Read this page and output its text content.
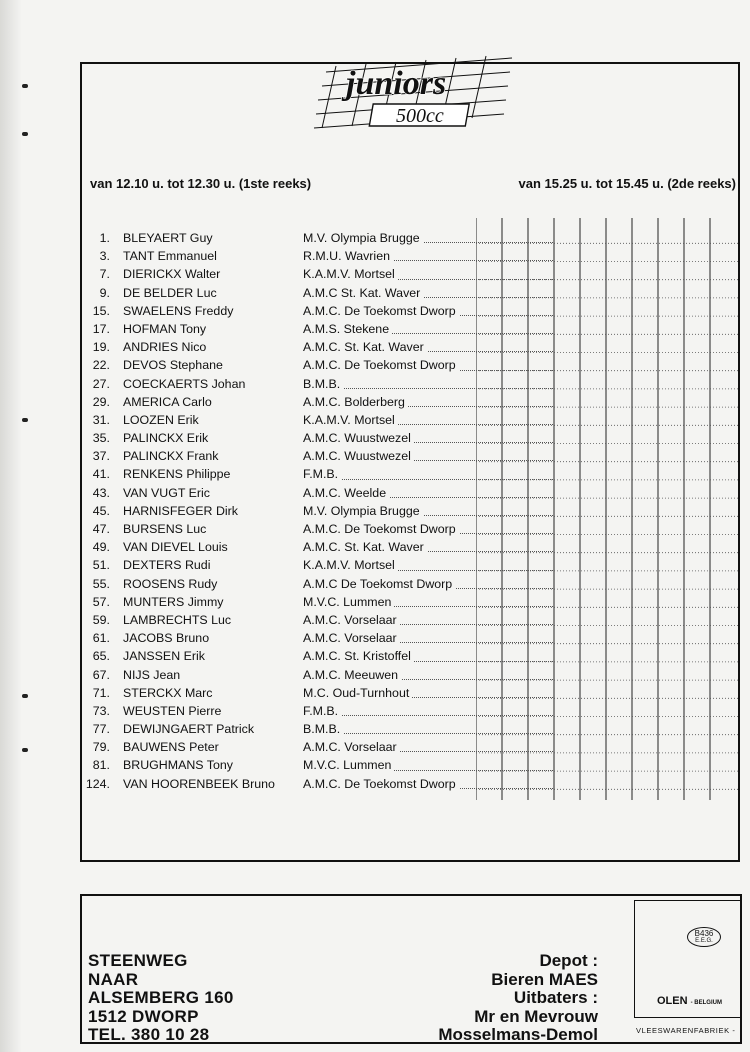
juniors
500cc
van 12.10 u. tot 12.30 u. (1ste reeks)	van 15.25 u. tot 15.45 u. (2de reeks)
1. BLEYAERT Guy	M.V. Olympia Brugge
3. TANT Emmanuel	R.M.U. Wavrien
7. DIERICKX Walter	K.A.M.V. Mortsel
9. DE BELDER Luc	A.M.C St. Kat. Waver
15. SWAELENS Freddy	A.M.C. De Toekomst Dworp
17. HOFMAN Tony	A.M.S. Stekene
19. ANDRIES Nico	A.M.C. St. Kat. Waver
22. DEVOS Stephane	A.M.C. De Toekomst Dworp
27. COECKAERTS Johan	B.M.B.
29. AMERICA Carlo	A.M.C. Bolderberg
31. LOOZEN Erik	K.A.M.V. Mortsel
35. PALINCKX Erik	A.M.C. Wuustwezel
37. PALINCKX Frank	A.M.C. Wuustwezel
41. RENKENS Philippe	F.M.B.
43. VAN VUGT Eric	A.M.C. Weelde
45. HARNISFEGER Dirk	M.V. Olympia Brugge
47. BURSENS Luc	A.M.C. De Toekomst Dworp
49. VAN DIEVEL Louis	A.M.C. St. Kat. Waver
51. DEXTERS Rudi	K.A.M.V. Mortsel
55. ROOSENS Rudy	A.M.C De Toekomst Dworp
57. MUNTERS Jimmy	M.V.C. Lummen
59. LAMBRECHTS Luc	A.M.C. Vorselaar
61. JACOBS Bruno	A.M.C. Vorselaar
65. JANSSEN Erik	A.M.C. St. Kristoffel
67. NIJS Jean	A.M.C. Meeuwen
71. STERCKX Marc	M.C. Oud-Turnhout
73. WEUSTEN Pierre	F.M.B.
77. DEWIJNGAERT Patrick	B.M.B.
79. BAUWENS Peter	A.M.C. Vorselaar
81. BRUGHMANS Tony	M.V.C. Lummen
124. VAN HOORENBEEK Bruno A.M.C. De Toekomst Dworp
STEENWEG
NAAR
ALSEMBERG 160
1512 DWORP
TEL. 380 10 28
Depot :
Bieren MAES
Uitbaters :
Mr en Mevrouw
Mosselmans-Demol
B436
E.E.G.
OLEN - BELGIUM
VLEESWARENFABRIEK -
